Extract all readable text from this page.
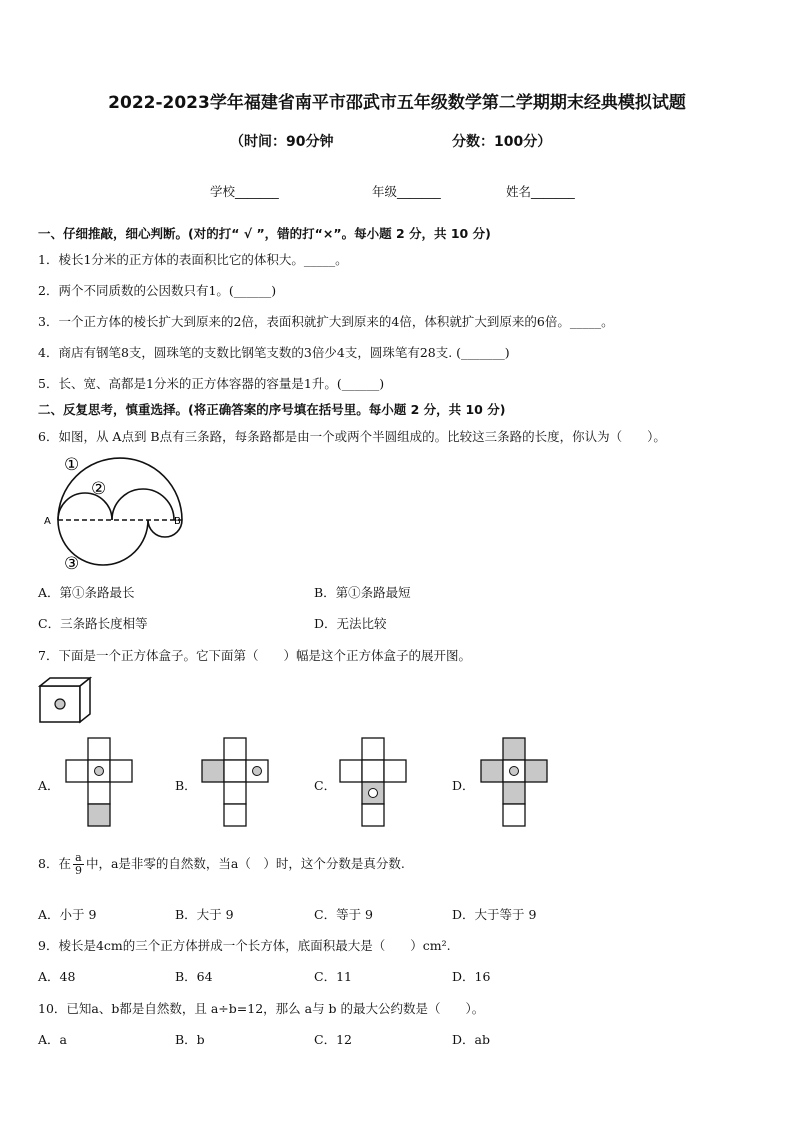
2022-2023学年福建省南平市邵武市五年级数学第二学期期末经典模拟试题
（时间：90分钟	分数：100分）
学校_______	年级_______	姓名_______
一、仔细推敲，细心判断。(对的打“ √ ”，错的打“×”。每小题 2 分，共 10 分)
1．棱长1分米的正方体的表面积比它的体积大。_____。
2．两个不同质数的公因数只有1。(______)
3．一个正方体的棱长扩大到原来的2倍，表面积就扩大到原来的4倍，体积就扩大到原来的6倍。_____。
4．商店有钢笔8支，圆珠笔的支数比钢笔支数的3倍少4支，圆珠笔有28支. (_______)
5．长、宽、高都是1分米的正方体容器的容量是1升。(______)
二、反复思考，慎重选择。(将正确答案的序号填在括号里。每小题 2 分，共 10 分)
6．如图，从 A点到 B点有三条路，每条路都是由一个或两个半圆组成的。比较这三条路的长度，你认为（　　）。
A	B
①
②
③
A．第①条路最长	B．第①条路最短
C．三条路长度相等	D．无法比较
7．下面是一个正方体盒子。它下面第（　　）幅是这个正方体盒子的展开图。
A．	B．	C．	D．
8．在 $\frac{a}{9}$ 中，a是非零的自然数，当a（　）时，这个分数是真分数.
A．小于 9	B．大于 9	C．等于 9	D．大于等于 9
9．棱长是4cm的三个正方体拼成一个长方体，底面积最大是（　　）cm².
A．48	B．64	C．11	D．16
10．已知a、b都是自然数，且 a÷b=12，那么 a与 b 的最大公约数是（　　）。
A．a	B．b	C．12	D．ab
